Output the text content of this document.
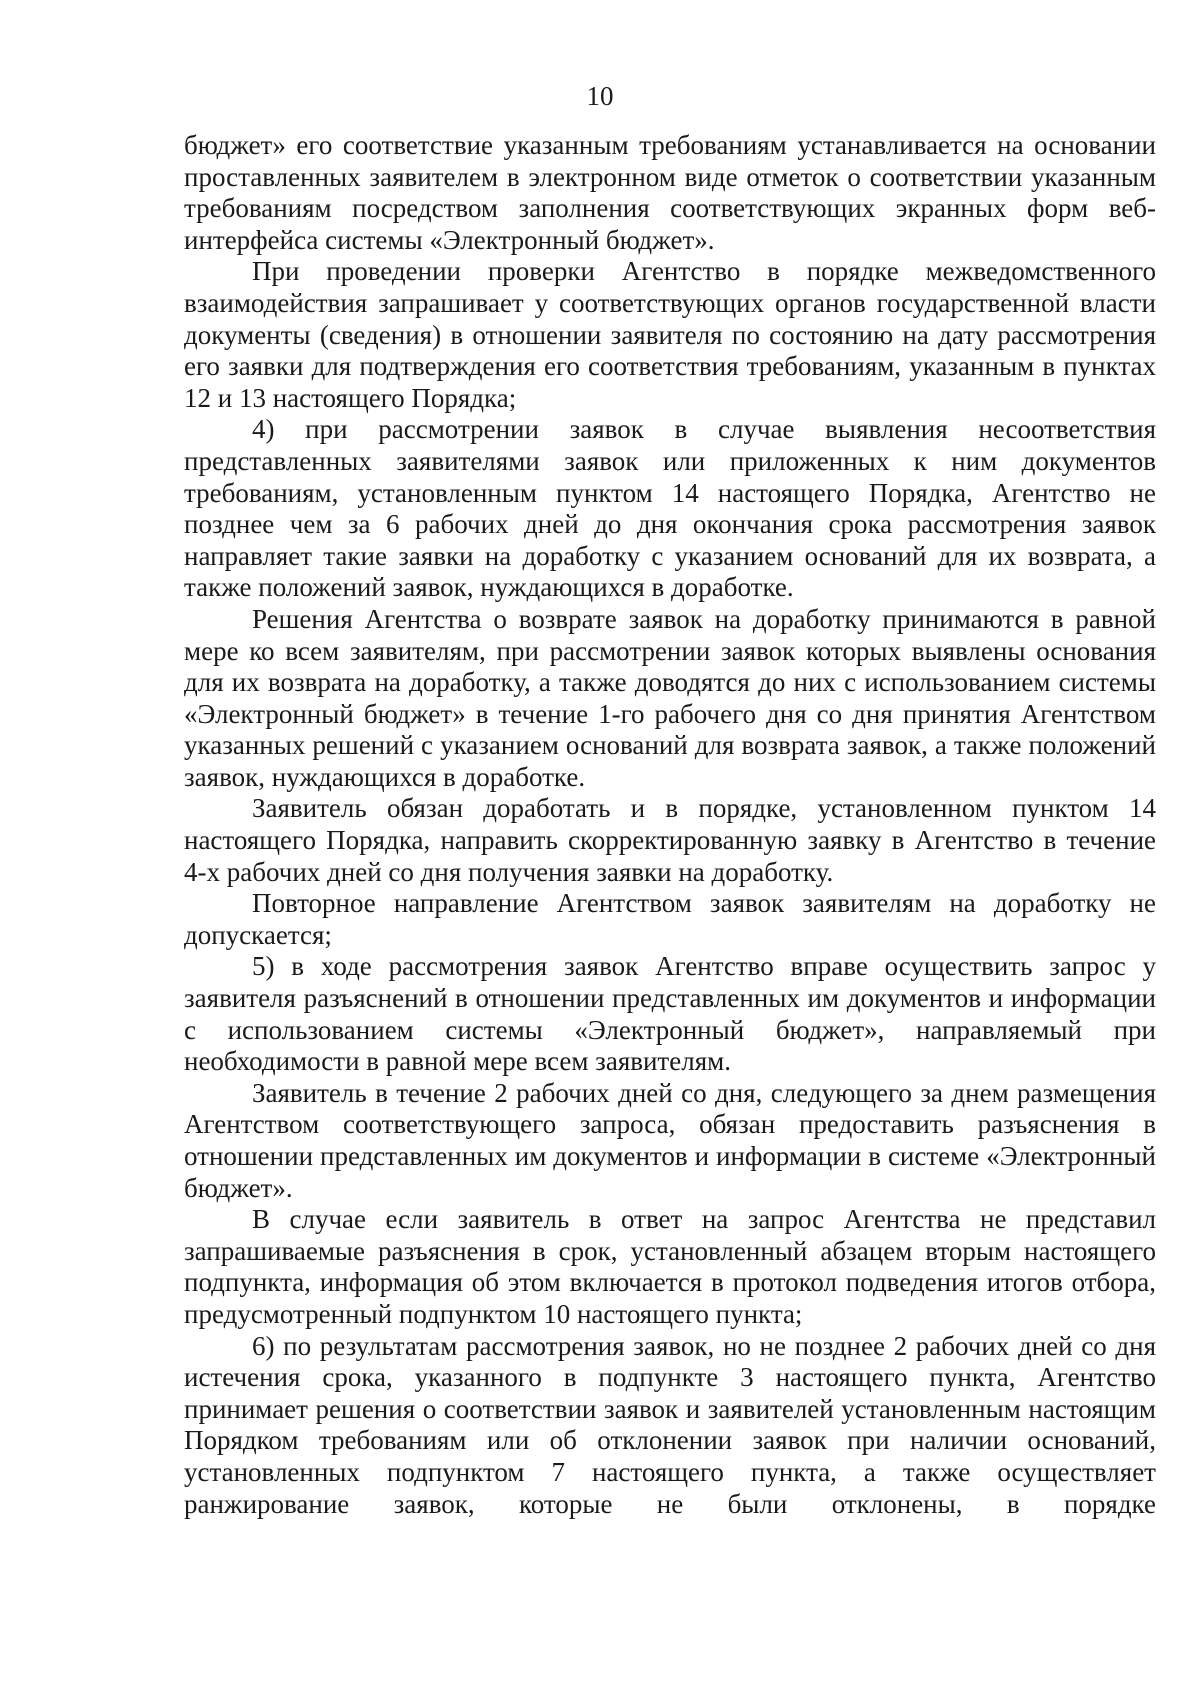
10

бюджет» его соответствие указанным требованиям устанавливается на основании проставленных заявителем в электронном виде отметок о соответствии указанным требованиям посредством заполнения соответствующих экранных форм веб-интерфейса системы «Электронный бюджет».

При проведении проверки Агентство в порядке межведомственного взаимодействия запрашивает у соответствующих органов государственной власти документы (сведения) в отношении заявителя по состоянию на дату рассмотрения его заявки для подтверждения его соответствия требованиям, указанным в пунктах 12 и 13 настоящего Порядка;

4) при рассмотрении заявок в случае выявления несоответствия представленных заявителями заявок или приложенных к ним документов требованиям, установленным пунктом 14 настоящего Порядка, Агентство не позднее чем за 6 рабочих дней до дня окончания срока рассмотрения заявок направляет такие заявки на доработку с указанием оснований для их возврата, а также положений заявок, нуждающихся в доработке.

Решения Агентства о возврате заявок на доработку принимаются в равной мере ко всем заявителям, при рассмотрении заявок которых выявлены основания для их возврата на доработку, а также доводятся до них с использованием системы «Электронный бюджет» в течение 1-го рабочего дня со дня принятия Агентством указанных решений с указанием оснований для возврата заявок, а также положений заявок, нуждающихся в доработке.

Заявитель обязан доработать и в порядке, установленном пунктом 14 настоящего Порядка, направить скорректированную заявку в Агентство в течение 4-х рабочих дней со дня получения заявки на доработку.

Повторное направление Агентством заявок заявителям на доработку не допускается;

5) в ходе рассмотрения заявок Агентство вправе осуществить запрос у заявителя разъяснений в отношении представленных им документов и информации с использованием системы «Электронный бюджет», направляемый при необходимости в равной мере всем заявителям.

Заявитель в течение 2 рабочих дней со дня, следующего за днем размещения Агентством соответствующего запроса, обязан предоставить разъяснения в отношении представленных им документов и информации в системе «Электронный бюджет».

В случае если заявитель в ответ на запрос Агентства не представил запрашиваемые разъяснения в срок, установленный абзацем вторым настоящего подпункта, информация об этом включается в протокол подведения итогов отбора, предусмотренный подпунктом 10 настоящего пункта;

6) по результатам рассмотрения заявок, но не позднее 2 рабочих дней со дня истечения срока, указанного в подпункте 3 настоящего пункта, Агентство принимает решения о соответствии заявок и заявителей установленным настоящим Порядком требованиям или об отклонении заявок при наличии оснований, установленных подпунктом 7 настоящего пункта, а также осуществляет ранжирование заявок, которые не были отклонены, в порядке
